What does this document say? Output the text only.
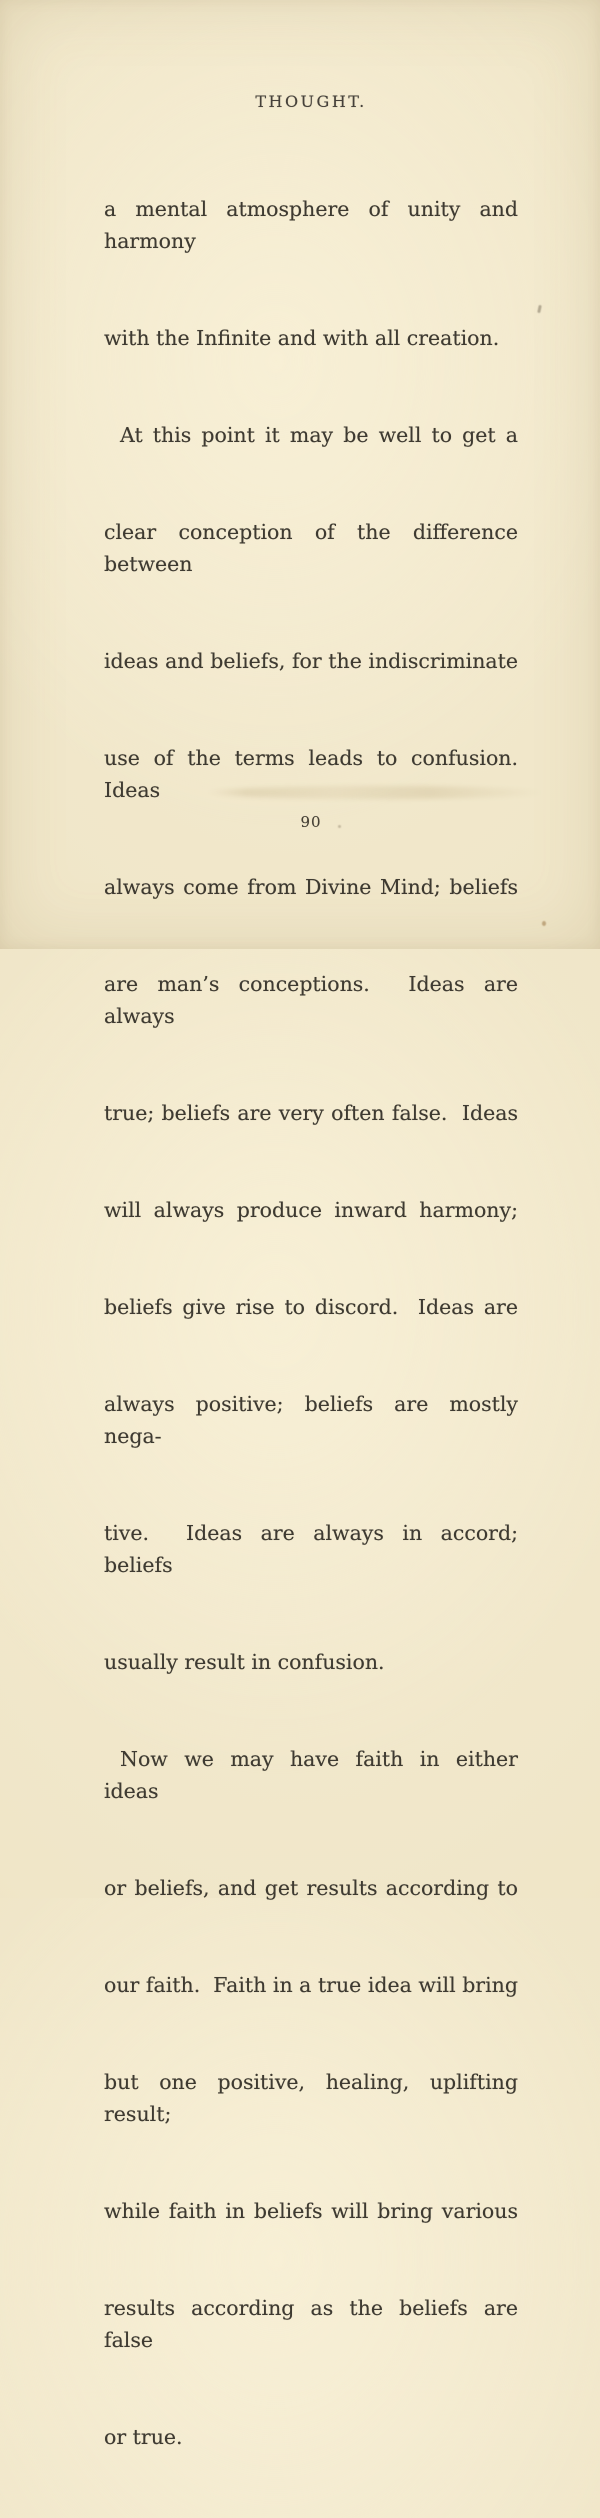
THOUGHT.

a mental atmosphere of unity and harmony

with the Infinite and with all creation.

At this point it may be well to get a

clear conception of the difference between

ideas and beliefs, for the indiscriminate

use of the terms leads to confusion.  Ideas

always come from Divine Mind; beliefs

are man’s conceptions.  Ideas are always

true; beliefs are very often false.  Ideas

will always produce inward harmony;

beliefs give rise to discord.  Ideas are

always positive; beliefs are mostly nega-

tive.  Ideas are always in accord; beliefs

usually result in confusion.

Now we may have faith in either ideas

or beliefs, and get results according to

our faith.  Faith in a true idea will bring

but one positive, healing, uplifting result;

while faith in beliefs will bring various

results according as the beliefs are false

or true.

90
